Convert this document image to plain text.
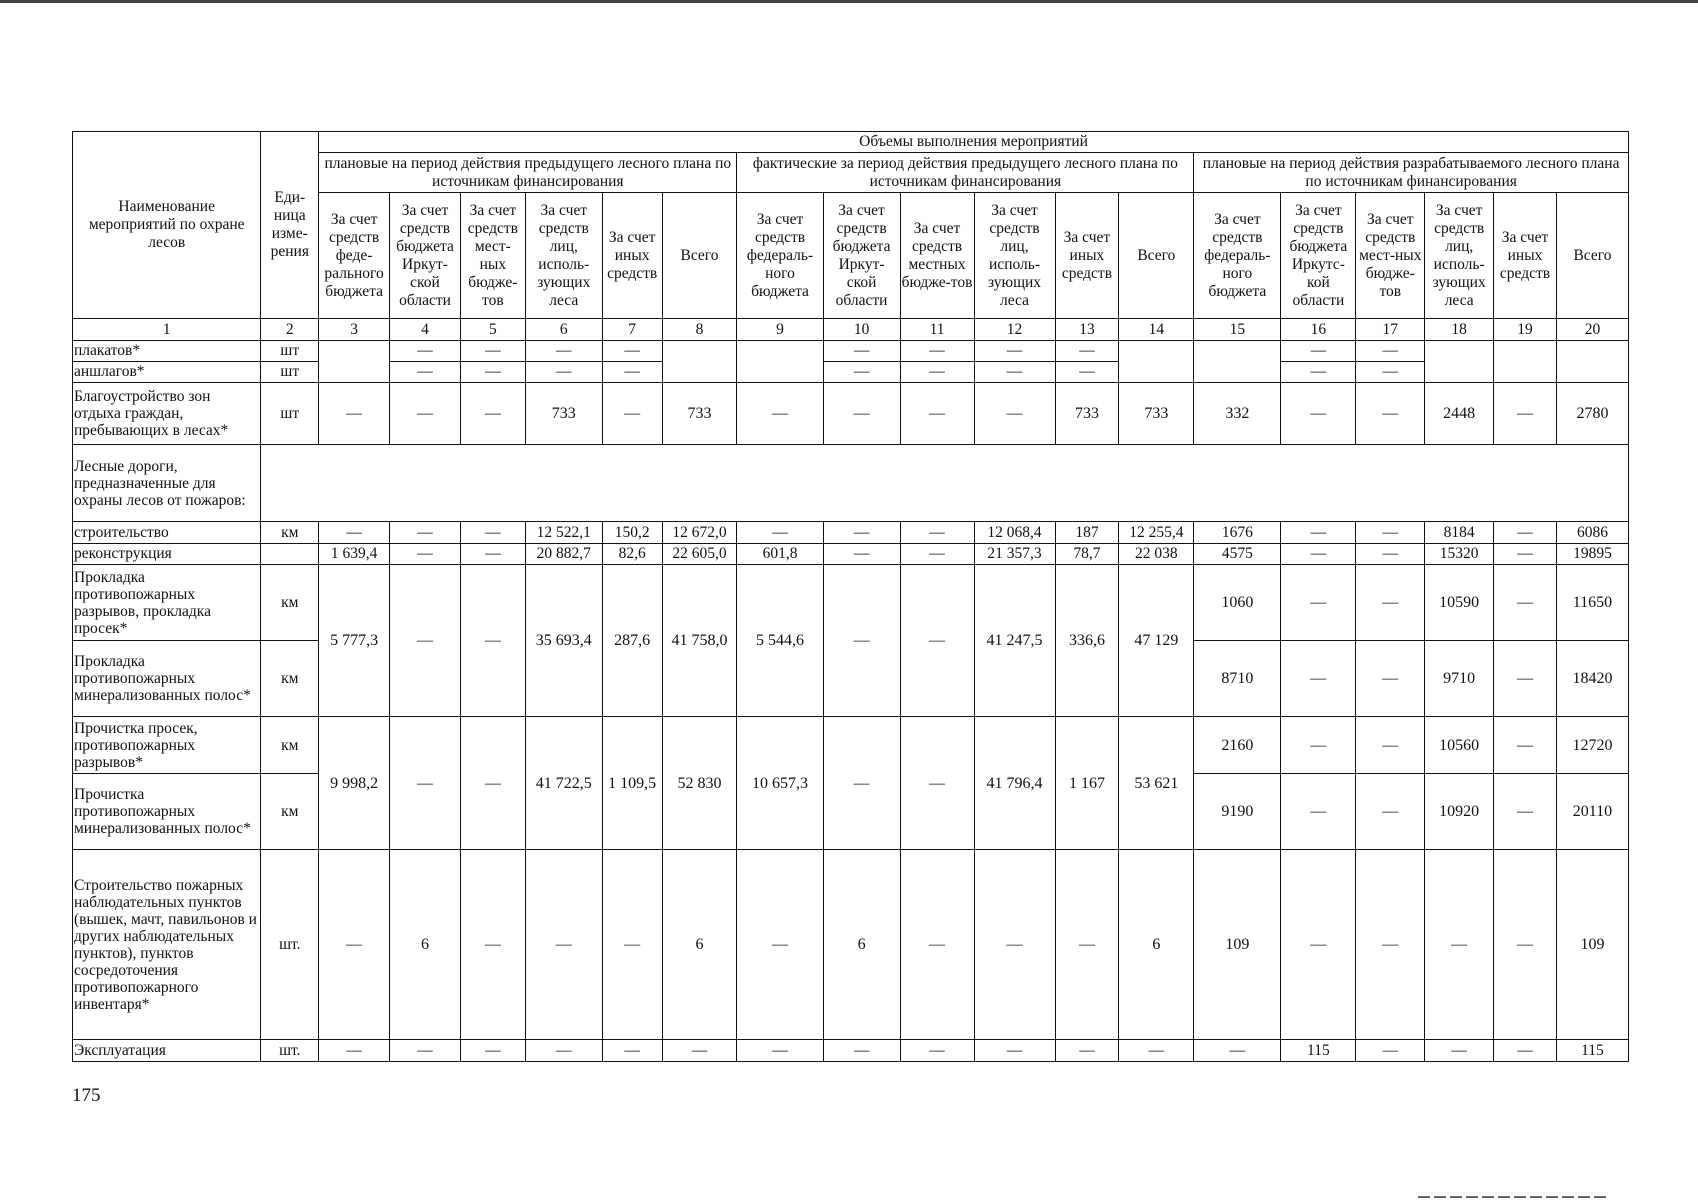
Наименование мероприятий по охране лесов	Еди-ница изме-рения	Объемы выполнения мероприятий																	
		плановые на период действия предыдущего лесного плана по источникам финансирования						фактические за период действия предыдущего лесного плана по источникам финансирования						плановые на период действия разрабатываемого лесного плана по источникам финансирования					
		За счет средств феде-рального бюджета	За счет средств бюджета Иркут-ской области	За счет средств мест-ных бюдже-тов	За счет средств лиц, исполь-зующих леса	За счет иных средств	Всего	За счет средств федераль-ного бюджета	За счет средств бюджета Иркут-ской области	За счет средств местных бюдже-тов	За счет средств лиц, исполь-зующих леса	За счет иных средств	Всего	За счет средств федераль-ного бюджета	За счет средств бюджета Иркутс-кой области	За счет средств мест-ных бюдже-тов	За счет средств лиц, исполь-зующих леса	За счет иных средств	Всего
1	2	3	4	5	6	7	8	9	10	11	12	13	14	15	16	17	18	19	20
плакатов*	шт		—	—	—	—			—	—	—	—			—	—			
аншлагов*	шт		—	—	—	—			—	—	—	—			—	—			
Благоустройство зон отдыха граждан, пребывающих в лесах*	шт	—	—	—	733	—	733	—	—	—	—	733	733	332	—	—	2448	—	2780
Лесные дороги, предназначенные для охраны лесов от пожаров:																			
строительство	км	—	—	—	12 522,1	150,2	12 672,0	—	—	—	12 068,4	187	12 255,4	1676	—	—	8184	—	6086
реконструкция		1 639,4	—	—	20 882,7	82,6	22 605,0	601,8	—	—	21 357,3	78,7	22 038	4575	—	—	15320	—	19895
Прокладка противопожарных разрывов, прокладка просек*	км	5 777,3	—	—	35 693,4	287,6	41 758,0	5 544,6	—	—	41 247,5	336,6	47 129	1060	—	—	10590	—	11650
Прокладка противопожарных минерализованных полос*	км													8710	—	—	9710	—	18420
Прочистка просек, противопожарных разрывов*	км	9 998,2	—	—	41 722,5	1 109,5	52 830	10 657,3	—	—	41 796,4	1 167	53 621	2160	—	—	10560	—	12720
Прочистка противопожарных минерализованных полос*	км													9190	—	—	10920	—	20110
Строительство пожарных наблюдательных пунктов (вышек, мачт, павильонов и других наблюдательных пунктов), пунктов сосредоточения противопожарного инвентаря*	шт.	—	6	—	—	—	6	—	6	—	—	—	6	109	—	—	—	—	109
Эксплуатация	шт.	—	—	—	—	—	—	—	—	—	—	—	—	—	115	—	—	—	115
175
